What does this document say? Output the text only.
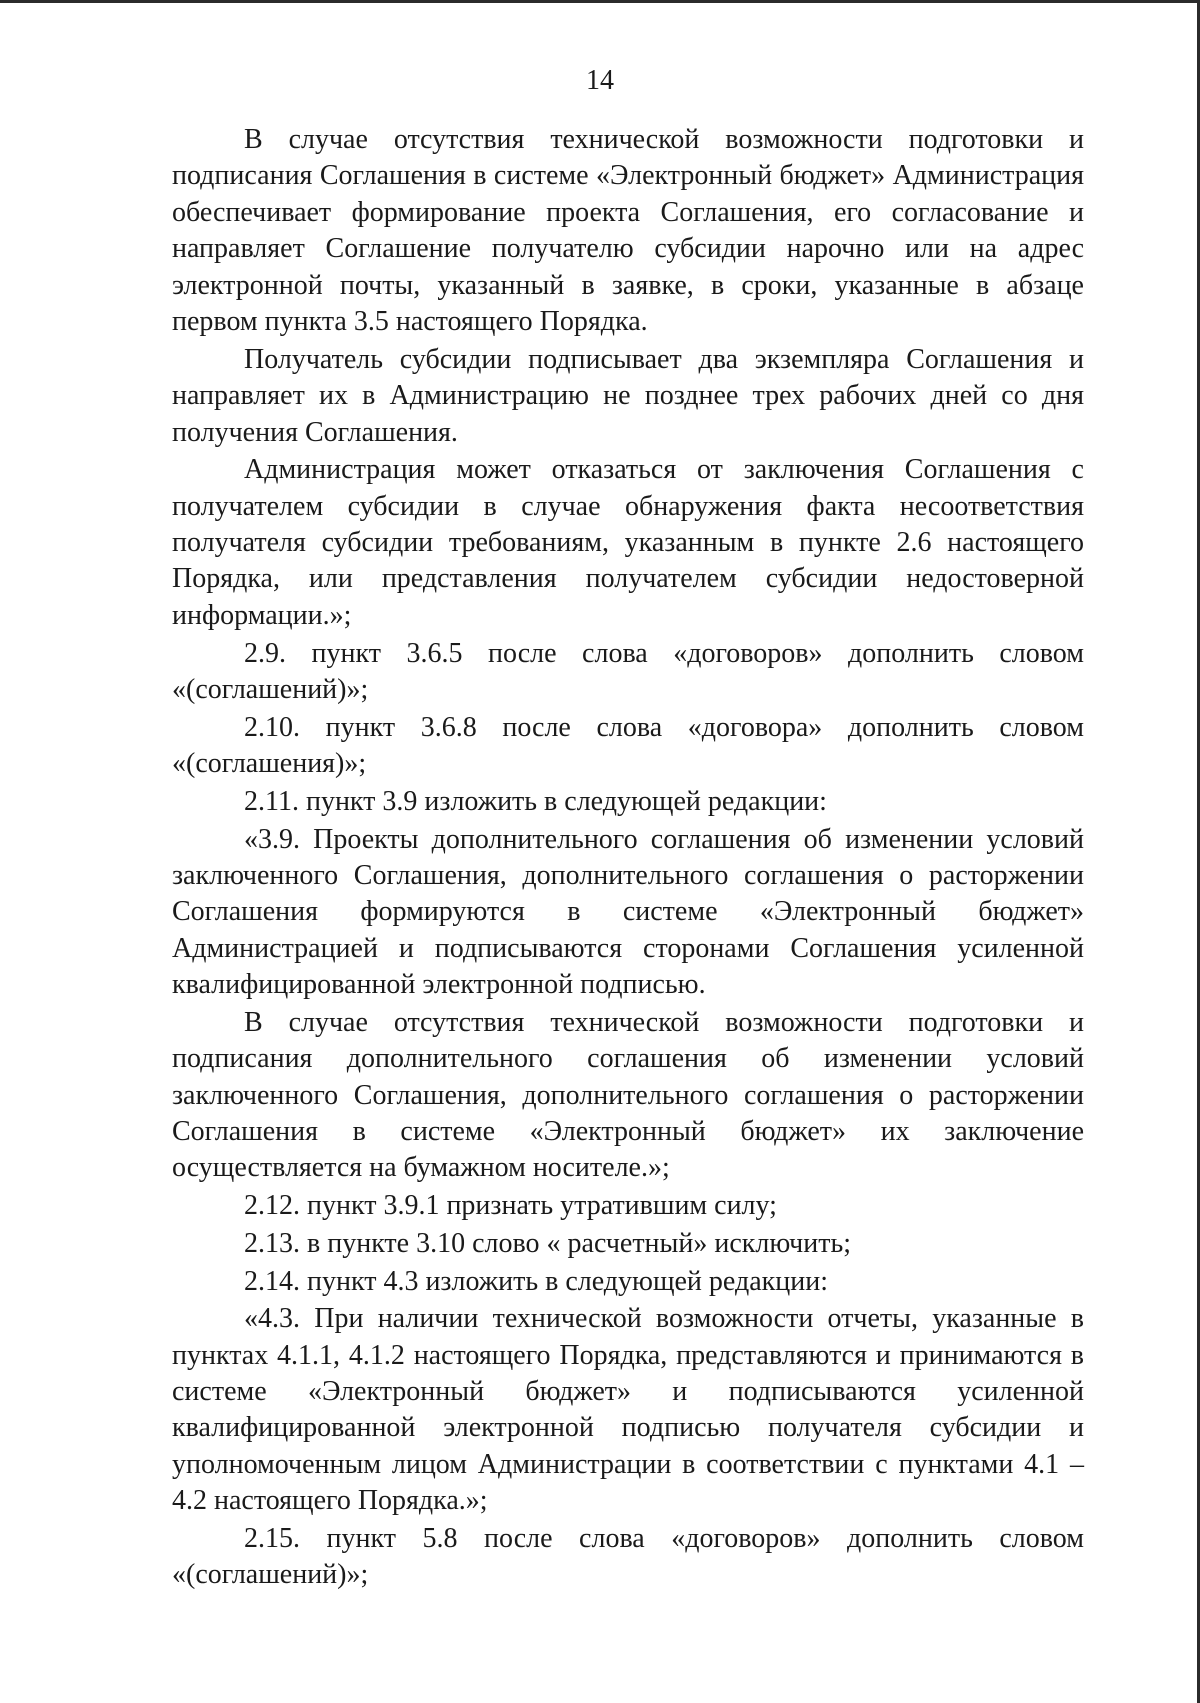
14

В случае отсутствия технической возможности подготовки и подписания Соглашения в системе «Электронный бюджет» Администрация обеспечивает формирование проекта Соглашения, его согласование и направляет Соглашение получателю субсидии нарочно или на адрес электронной почты, указанный в заявке, в сроки, указанные в абзаце первом пункта 3.5 настоящего Порядка.

Получатель субсидии подписывает два экземпляра Соглашения и направляет их в Администрацию не позднее трех рабочих дней со дня получения Соглашения.

Администрация может отказаться от заключения Соглашения с получателем субсидии в случае обнаружения факта несоответствия получателя субсидии требованиям, указанным в пункте 2.6 настоящего Порядка, или представления получателем субсидии недостоверной информации.»;

2.9. пункт 3.6.5 после слова «договоров» дополнить словом «(соглашений)»;

2.10. пункт 3.6.8 после слова «договора» дополнить словом «(соглашения)»;

2.11. пункт 3.9 изложить в следующей редакции:

«3.9. Проекты дополнительного соглашения об изменении условий заключенного Соглашения, дополнительного соглашения о расторжении Соглашения формируются в системе «Электронный бюджет» Администрацией и подписываются сторонами Соглашения усиленной квалифицированной электронной подписью.

В случае отсутствия технической возможности подготовки и подписания дополнительного соглашения об изменении условий заключенного Соглашения, дополнительного соглашения о расторжении Соглашения в системе «Электронный бюджет» их заключение осуществляется на бумажном носителе.»;

2.12. пункт 3.9.1 признать утратившим силу;

2.13. в пункте 3.10 слово « расчетный» исключить;

2.14. пункт 4.3 изложить в следующей редакции:

«4.3. При наличии технической возможности отчеты, указанные в пунктах 4.1.1, 4.1.2 настоящего Порядка, представляются и принимаются в системе «Электронный бюджет» и подписываются усиленной квалифицированной электронной подписью получателя субсидии и уполномоченным лицом Администрации в соответствии с пунктами 4.1 – 4.2 настоящего Порядка.»;

2.15. пункт 5.8 после слова «договоров» дополнить словом «(соглашений)»;
